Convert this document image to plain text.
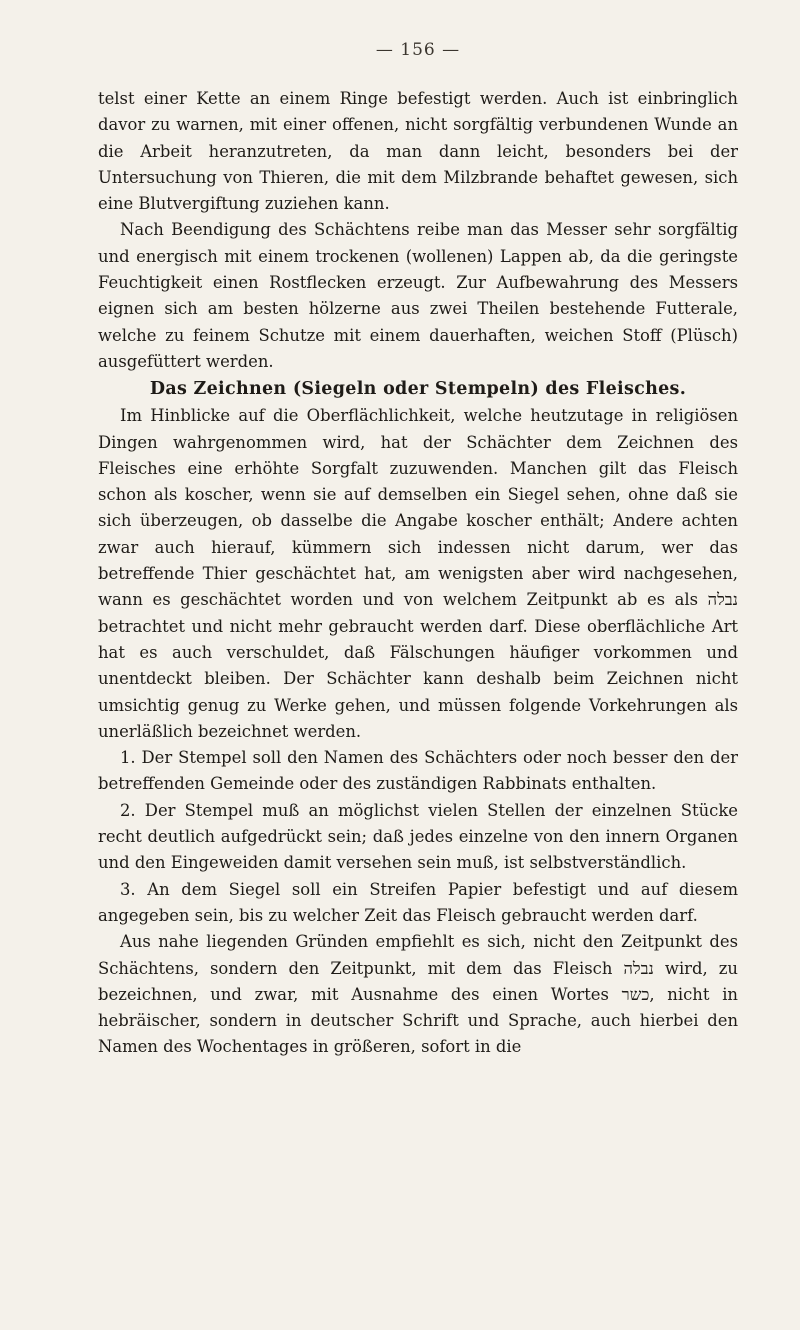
— 156 —

telst einer Kette an einem Ringe befestigt werden. Auch ist einbringlich davor zu warnen, mit einer offenen, nicht sorgfältig verbundenen Wunde an die Arbeit heranzutreten, da man dann leicht, besonders bei der Untersuchung von Thieren, die mit dem Milzbrande behaftet gewesen, sich eine Blutvergiftung zuziehen kann.

Nach Beendigung des Schächtens reibe man das Messer sehr sorgfältig und energisch mit einem trockenen (wollenen) Lappen ab, da die geringste Feuchtigkeit einen Rostflecken erzeugt. Zur Aufbewahrung des Messers eignen sich am besten hölzerne aus zwei Theilen bestehende Futterale, welche zu feinem Schutze mit einem dauerhaften, weichen Stoff (Plüsch) ausgefüttert werden.

Das Zeichnen (Siegeln oder Stempeln) des Fleisches.

Im Hinblicke auf die Oberflächlichkeit, welche heutzutage in religiösen Dingen wahrgenommen wird, hat der Schächter dem Zeichnen des Fleisches eine erhöhte Sorgfalt zuzuwenden. Manchen gilt das Fleisch schon als koscher, wenn sie auf demselben ein Siegel sehen, ohne daß sie sich überzeugen, ob dasselbe die Angabe koscher enthält; Andere achten zwar auch hierauf, kümmern sich indessen nicht darum, wer das betreffende Thier geschächtet hat, am wenigsten aber wird nachgesehen, wann es geschächtet worden und von welchem Zeitpunkt ab es als נבלה betrachtet und nicht mehr gebraucht werden darf. Diese oberflächliche Art hat es auch verschuldet, daß Fälschungen häufiger vorkommen und unentdeckt bleiben. Der Schächter kann deshalb beim Zeichnen nicht umsichtig genug zu Werke gehen, und müssen folgende Vorkehrungen als unerläßlich bezeichnet werden.

1. Der Stempel soll den Namen des Schächters oder noch besser den der betreffenden Gemeinde oder des zuständigen Rabbinats enthalten.

2. Der Stempel muß an möglichst vielen Stellen der einzelnen Stücke recht deutlich aufgedrückt sein; daß jedes einzelne von den innern Organen und den Eingeweiden damit versehen sein muß, ist selbstverständlich.

3. An dem Siegel soll ein Streifen Papier befestigt und auf diesem angegeben sein, bis zu welcher Zeit das Fleisch gebraucht werden darf.

Aus nahe liegenden Gründen empfiehlt es sich, nicht den Zeitpunkt des Schächtens, sondern den Zeitpunkt, mit dem das Fleisch נבלה wird, zu bezeichnen, und zwar, mit Ausnahme des einen Wortes כשר, nicht in hebräischer, sondern in deutscher Schrift und Sprache, auch hierbei den Namen des Wochentages in größeren, sofort in die
